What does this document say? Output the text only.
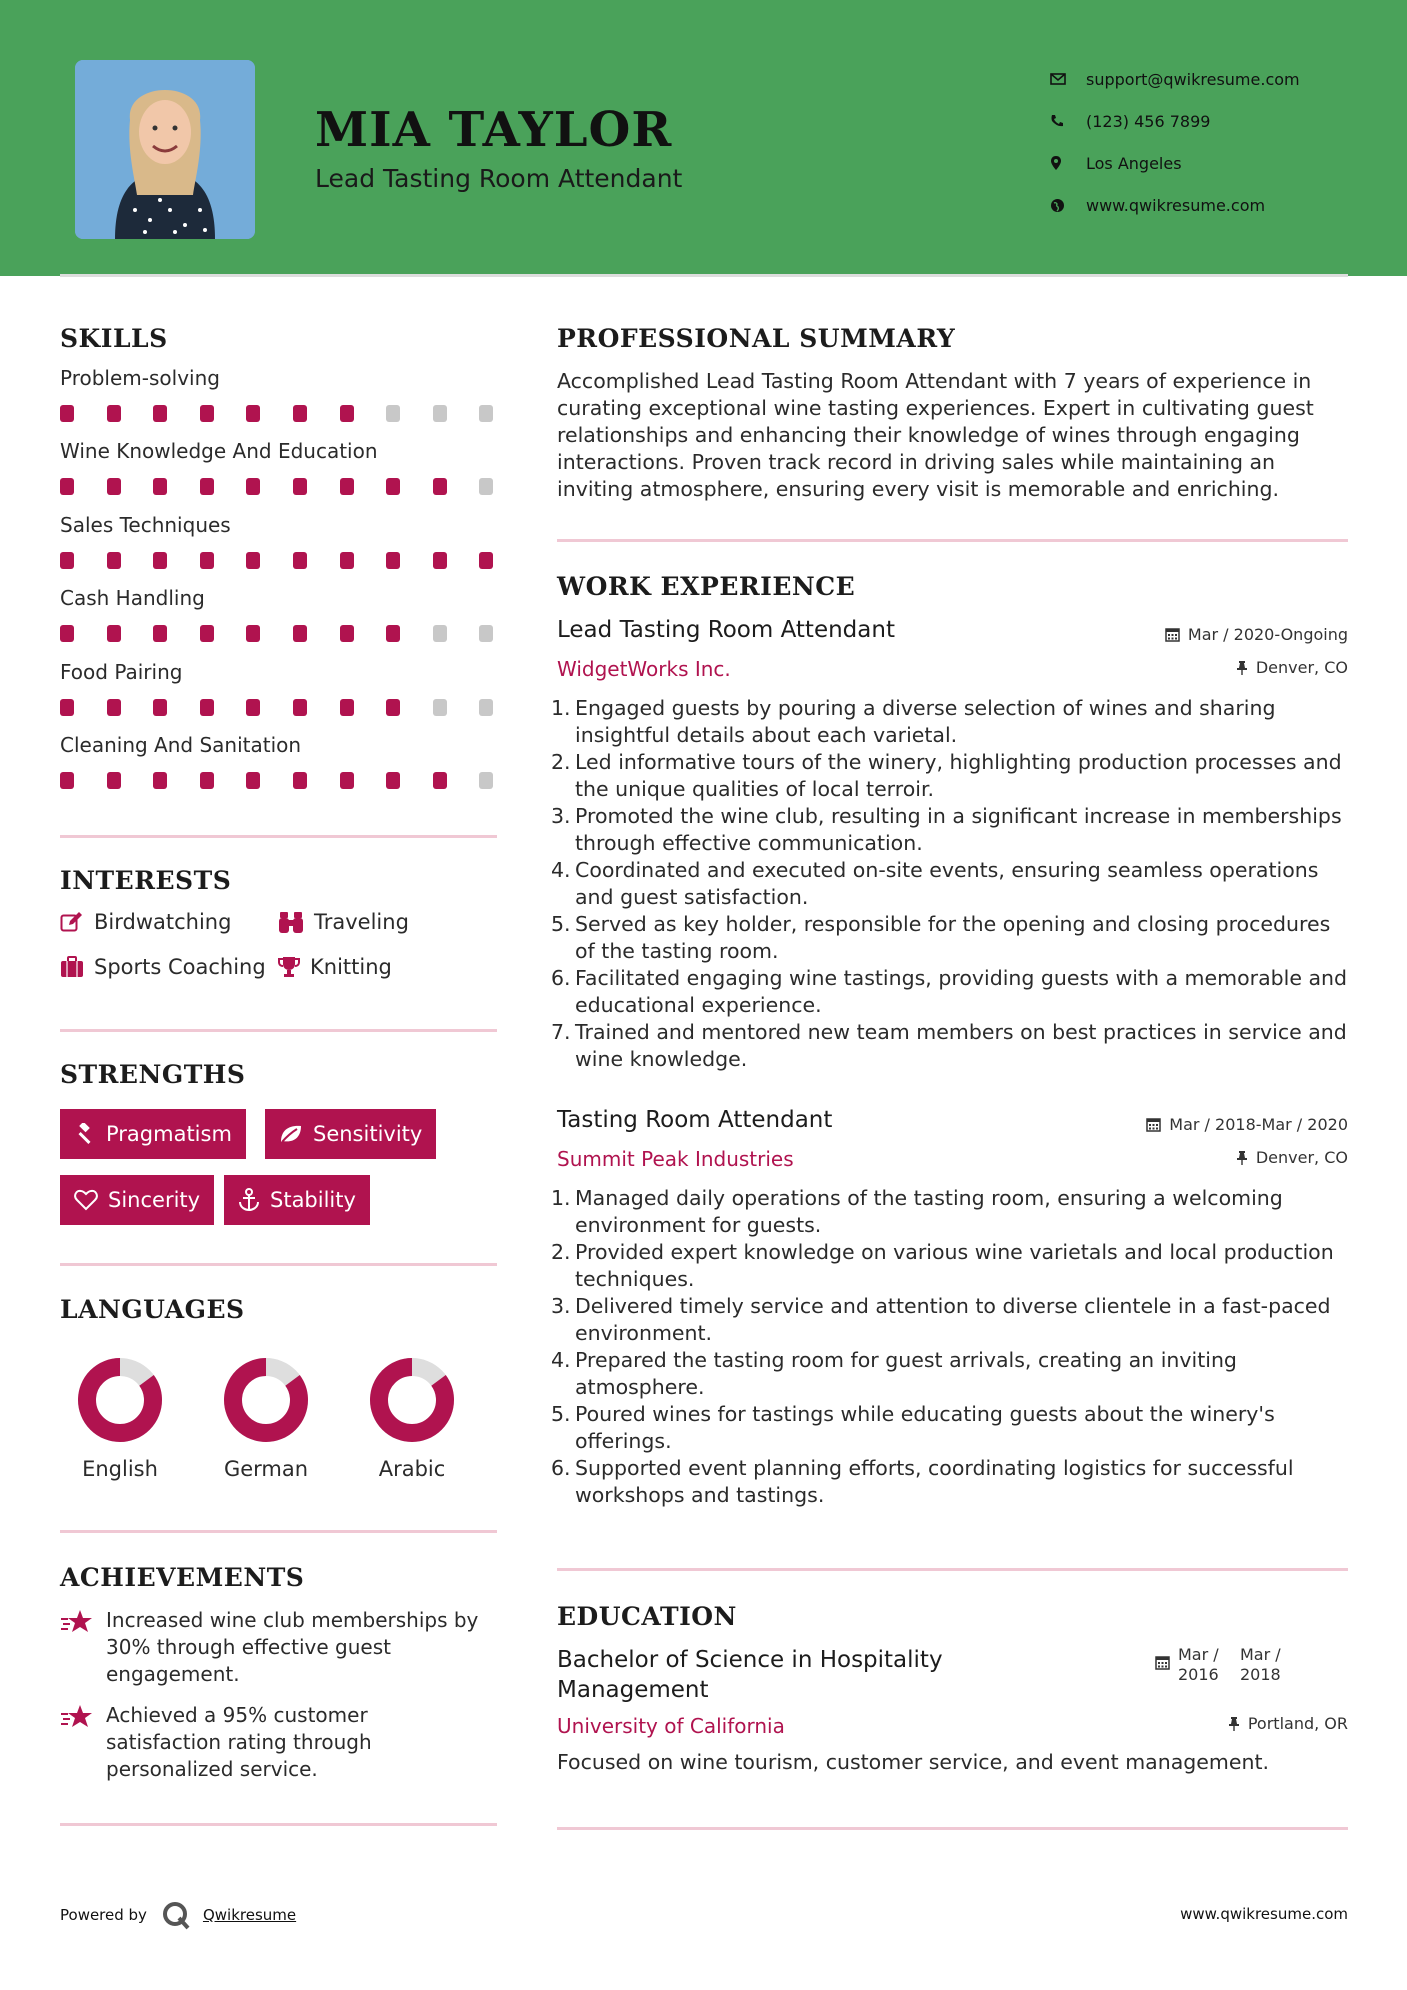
MIA TAYLOR
Lead Tasting Room Attendant
support@qwikresume.com
(123) 456 7899
Los Angeles
www.qwikresume.com
SKILLS
Problem-solving
Wine Knowledge And Education
Sales Techniques
Cash Handling
Food Pairing
Cleaning And Sanitation
INTERESTS
Birdwatching	Traveling
Sports Coaching Knitting
STRENGTHS
Pragmatism	Sensitivity
Sincerity	Stability
LANGUAGES
English	German	Arabic
ACHIEVEMENTS
Increased wine club memberships by 30% through effective guest engagement.
Achieved a 95% customer satisfaction rating through personalized service.
PROFESSIONAL SUMMARY
Accomplished Lead Tasting Room Attendant with 7 years of experience in curating exceptional wine tasting experiences. Expert in cultivating guest relationships and enhancing their knowledge of wines through engaging interactions. Proven track record in driving sales while maintaining an inviting atmosphere, ensuring every visit is memorable and enriching.
WORK EXPERIENCE
Lead Tasting Room Attendant
WidgetWorks Inc.
Mar / 2020-Ongoing
Denver, CO
1. Engaged guests by pouring a diverse selection of wines and sharing insightful details about each varietal.
2. Led informative tours of the winery, highlighting production processes and the unique qualities of local terroir.
3. Promoted the wine club, resulting in a significant increase in memberships through effective communication.
4. Coordinated and executed on-site events, ensuring seamless operations and guest satisfaction.
5. Served as key holder, responsible for the opening and closing procedures of the tasting room.
6. Facilitated engaging wine tastings, providing guests with a memorable and educational experience.
7. Trained and mentored new team members on best practices in service and wine knowledge.
Tasting Room Attendant
Summit Peak Industries
Mar / 2018-Mar / 2020
Denver, CO
1. Managed daily operations of the tasting room, ensuring a welcoming environment for guests.
2. Provided expert knowledge on various wine varietals and local production techniques.
3. Delivered timely service and attention to diverse clientele in a fast-paced environment.
4. Prepared the tasting room for guest arrivals, creating an inviting atmosphere.
5. Poured wines for tastings while educating guests about the winery's offerings.
6. Supported event planning efforts, coordinating logistics for successful workshops and tastings.
EDUCATION
Bachelor of Science in Hospitality Management
University of California
Mar / 2016
Mar / 2018
Portland, OR
Focused on wine tourism, customer service, and event management.
Powered by	Qwikresume	www.qwikresume.com
